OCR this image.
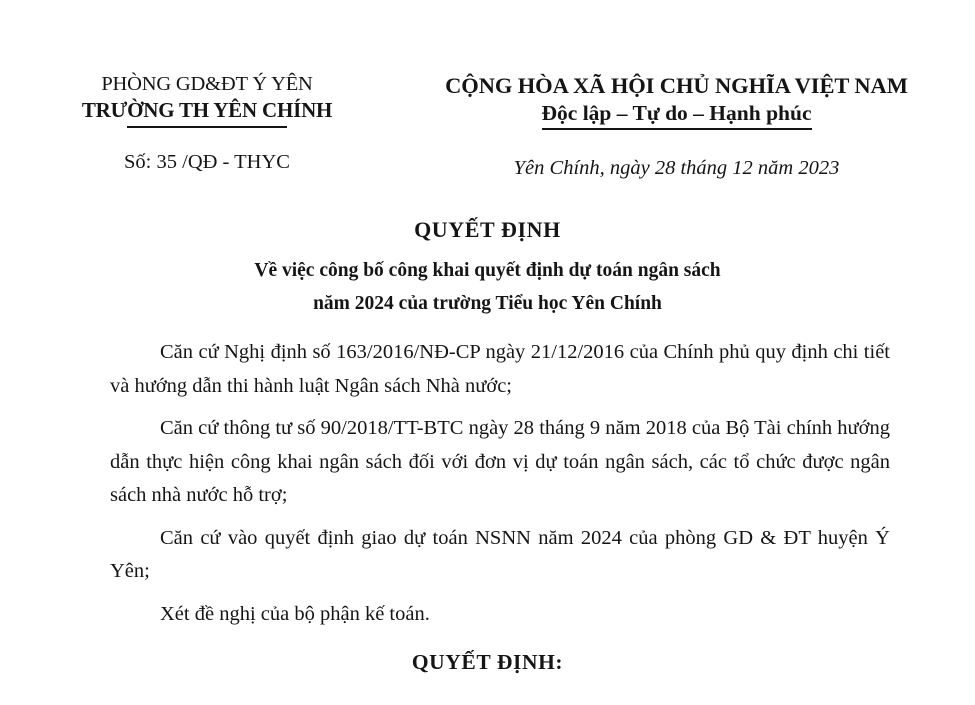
PHÒNG GD&ĐT Ý YÊN
TRƯỜNG TH YÊN CHÍNH
Số: 35 /QĐ - THYC
CỘNG HÒA XÃ HỘI CHỦ NGHĨA VIỆT NAM
Độc lập – Tự do – Hạnh phúc
Yên Chính, ngày 28 tháng 12 năm 2023
QUYẾT ĐỊNH
Về việc công bố công khai quyết định dự toán ngân sách
năm 2024 của trường Tiểu học Yên Chính

Căn cứ Nghị định số 163/2016/NĐ-CP ngày 21/12/2016 của Chính phủ quy định chi tiết và hướng dẫn thi hành luật Ngân sách Nhà nước;

Căn cứ thông tư số 90/2018/TT-BTC ngày 28 tháng 9 năm 2018 của Bộ Tài chính hướng dẫn thực hiện công khai ngân sách đối với đơn vị dự toán ngân sách, các tổ chức được ngân sách nhà nước hỗ trợ;

Căn cứ vào quyết định giao dự toán NSNN năm 2024 của phòng GD & ĐT huyện Ý Yên;

Xét đề nghị của bộ phận kế toán.

QUYẾT ĐỊNH:
